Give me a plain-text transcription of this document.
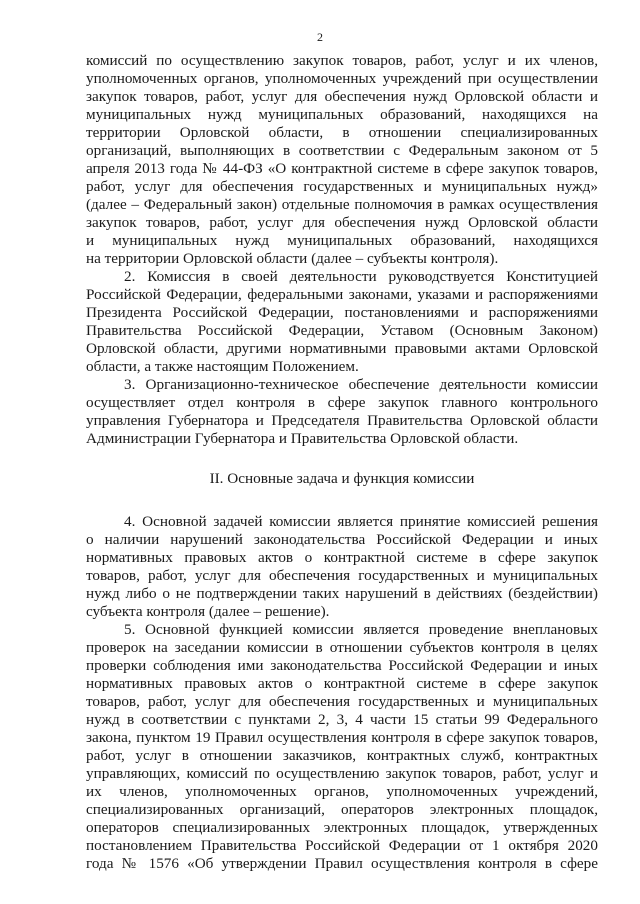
2
комиссий по осуществлению закупок товаров, работ, услуг и их членов,
уполномоченных органов, уполномоченных учреждений при осуществлении
закупок товаров, работ, услуг для обеспечения нужд Орловской области и
муниципальных нужд муниципальных образований, находящихся на
территории Орловской области, в отношении специализированных
организаций, выполняющих в соответствии с Федеральным законом от 5
апреля 2013 года № 44-ФЗ «О контрактной системе в сфере закупок товаров,
работ, услуг для обеспечения государственных и муниципальных нужд»
(далее – Федеральный закон) отдельные полномочия в рамках осуществления
закупок товаров, работ, услуг для обеспечения нужд Орловской области
и муниципальных нужд муниципальных образований, находящихся
на территории Орловской области (далее – субъекты контроля).
2. Комиссия в своей деятельности руководствуется Конституцией
Российской Федерации, федеральными законами, указами и распоряжениями
Президента Российской Федерации, постановлениями и распоряжениями
Правительства Российской Федерации, Уставом (Основным Законом)
Орловской области, другими нормативными правовыми актами Орловской
области, а также настоящим Положением.
3. Организационно-техническое обеспечение деятельности комиссии
осуществляет отдел контроля в сфере закупок главного контрольного
управления Губернатора и Председателя Правительства Орловской области
Администрации Губернатора и Правительства Орловской области.
II. Основные задача и функция комиссии
4. Основной задачей комиссии является принятие комиссией решения
о наличии нарушений законодательства Российской Федерации и иных
нормативных правовых актов о контрактной системе в сфере закупок
товаров, работ, услуг для обеспечения государственных и муниципальных
нужд либо о не подтверждении таких нарушений в действиях (бездействии)
субъекта контроля (далее – решение).
5. Основной функцией комиссии является проведение внеплановых
проверок на заседании комиссии в отношении субъектов контроля в целях
проверки соблюдения ими законодательства Российской Федерации и иных
нормативных правовых актов о контрактной системе в сфере закупок
товаров, работ, услуг для обеспечения государственных и муниципальных
нужд в соответствии с пунктами 2, 3, 4 части 15 статьи 99 Федерального
закона, пунктом 19 Правил осуществления контроля в сфере закупок товаров,
работ, услуг в отношении заказчиков, контрактных служб, контрактных
управляющих, комиссий по осуществлению закупок товаров, работ, услуг и
их членов, уполномоченных органов, уполномоченных учреждений,
специализированных организаций, операторов электронных площадок,
операторов специализированных электронных площадок, утвержденных
постановлением Правительства Российской Федерации от 1 октября 2020
года № 1576 «Об утверждении Правил осуществления контроля в сфере
